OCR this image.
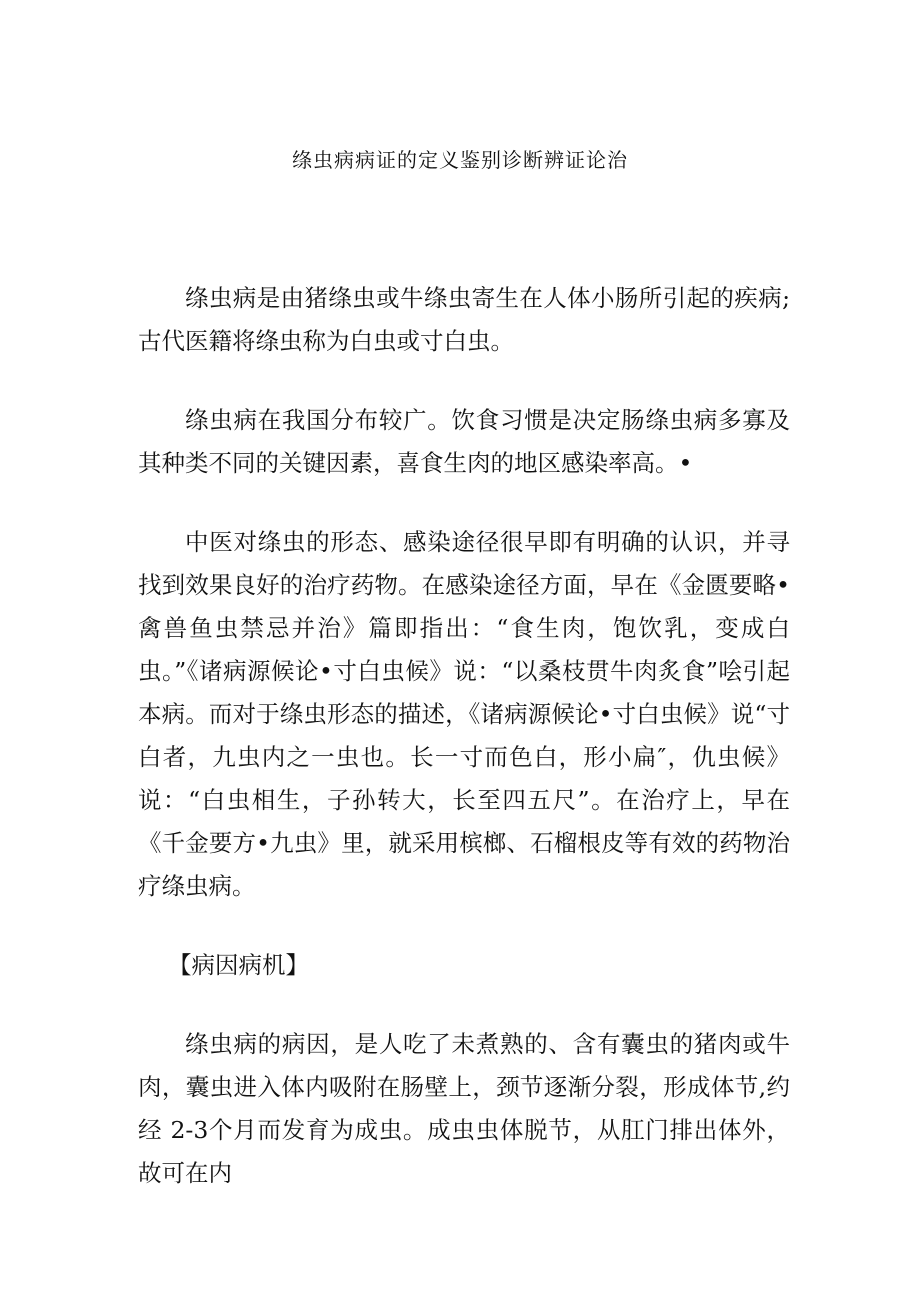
绦虫病病证的定义鉴别诊断辨证论治

绦虫病是由猪绦虫或牛绦虫寄生在人体小肠所引起的疾病;古代医籍将绦虫称为白虫或寸白虫。

绦虫病在我国分布较广。饮食习惯是决定肠绦虫病多寡及其种类不同的关键因素，喜食生肉的地区感染率高。•

中医对绦虫的形态、感染途径很早即有明确的认识，并寻找到效果良好的治疗药物。在感染途径方面，早在《金匮要略•禽兽鱼虫禁忌并治》篇即指出：“食生肉，饱饮乳，变成白虫。”《诸病源候论•寸白虫候》说：“以桑枝贯牛肉炙食”哙引起本病。而对于绦虫形态的描述，《诸病源候论•寸白虫候》说“寸白者，九虫内之一虫也。长一寸而色白，形小扁″，仇虫候》说：“白虫相生，子孙转大，长至四五尺”。在治疗上，早在《千金要方•九虫》里，就采用槟榔、石榴根皮等有效的药物治疗绦虫病。

【病因病机】

绦虫病的病因，是人吃了未煮熟的、含有囊虫的猪肉或牛肉，囊虫进入体内吸附在肠壁上，颈节逐渐分裂，形成体节,约经 2-3个月而发育为成虫。成虫虫体脱节，从肛门排出体外，故可在内
